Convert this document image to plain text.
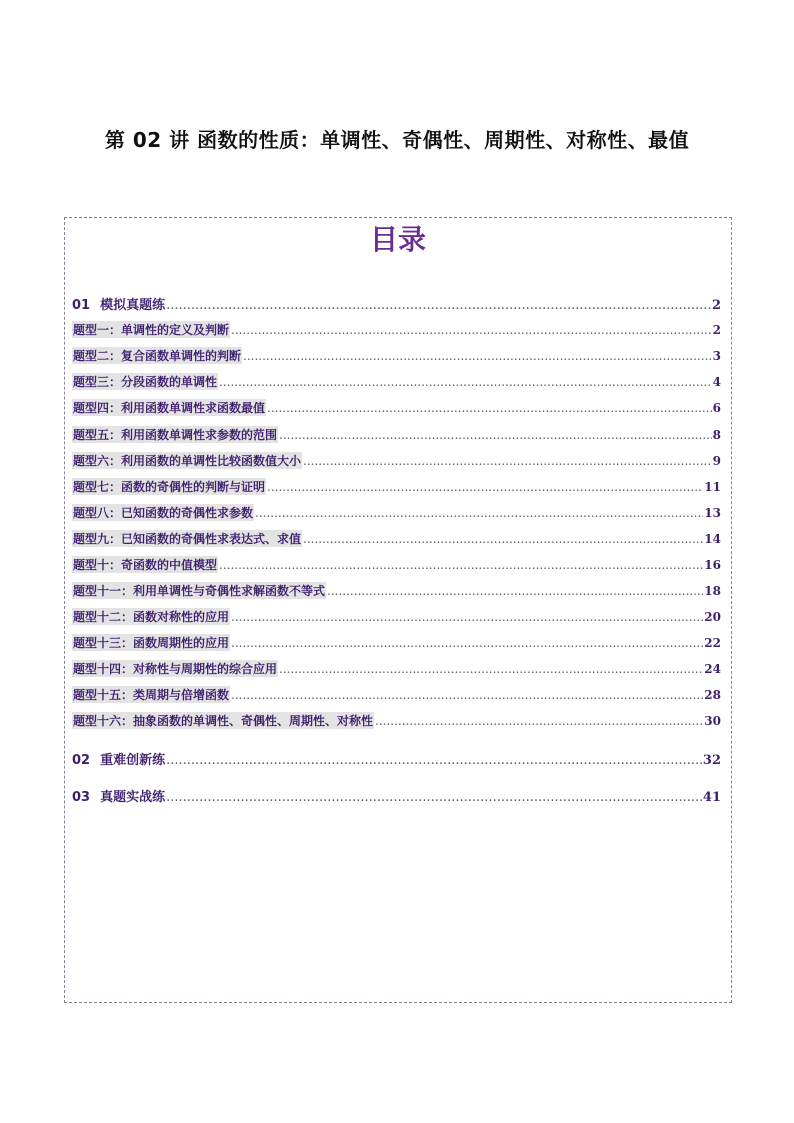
第 02 讲 函数的性质：单调性、奇偶性、周期性、对称性、最值
目录
01 模拟真题练 .....	2
题型一：单调性的定义及判断 .....	2
题型二：复合函数单调性的判断 .....	3
题型三：分段函数的单调性 .....	4
题型四：利用函数单调性求函数最值 .....	6
题型五：利用函数单调性求参数的范围 .....	8
题型六：利用函数的单调性比较函数值大小 .....	9
题型七：函数的奇偶性的判断与证明 .....	11
题型八：已知函数的奇偶性求参数 .....	13
题型九：已知函数的奇偶性求表达式、求值 .....	14
题型十：奇函数的中值模型 .....	16
题型十一：利用单调性与奇偶性求解函数不等式 .....	18
题型十二：函数对称性的应用 .....	20
题型十三：函数周期性的应用 .....	22
题型十四：对称性与周期性的综合应用 .....	24
题型十五：类周期与倍增函数 .....	28
题型十六：抽象函数的单调性、奇偶性、周期性、对称性 .....	30
02 重难创新练 .....	32
03 真题实战练 .....	41
